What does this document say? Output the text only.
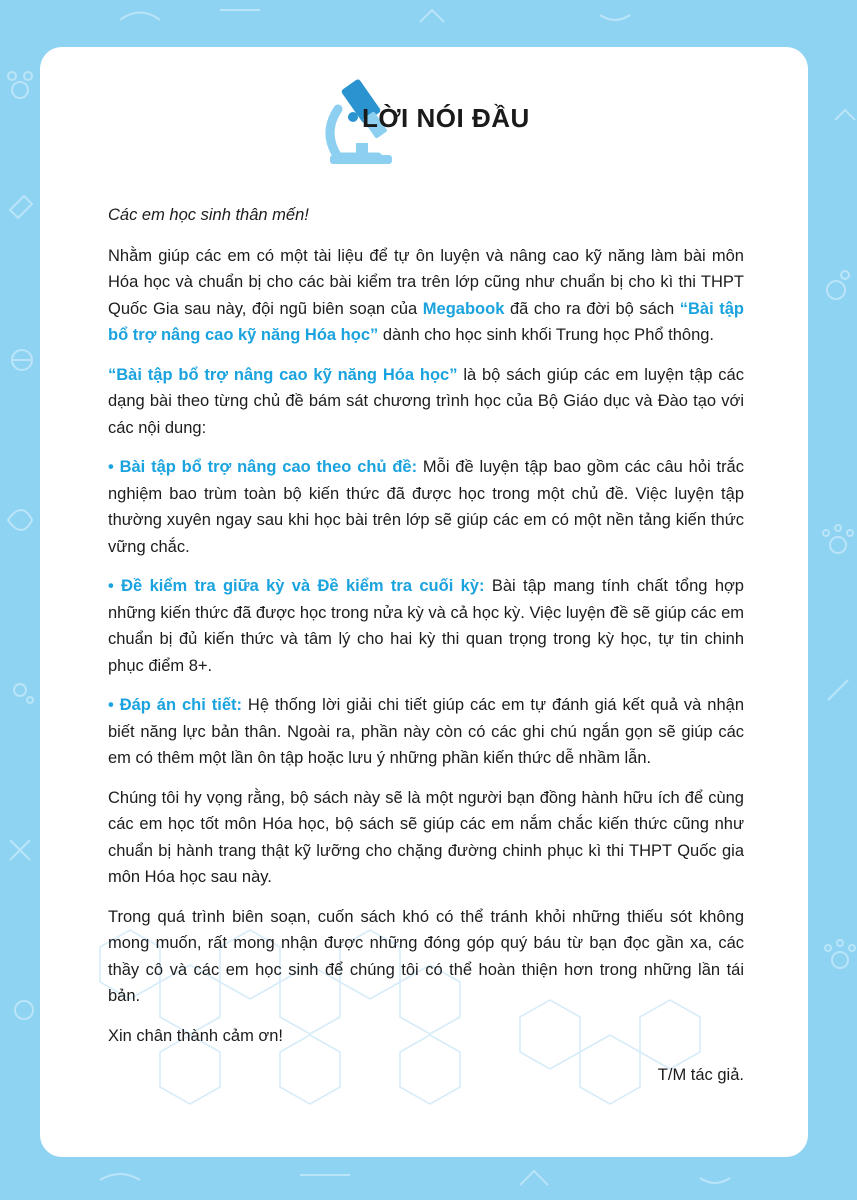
LỜI NÓI ĐẦU

Các em học sinh thân mến!

Nhằm giúp các em có một tài liệu để tự ôn luyện và nâng cao kỹ năng làm bài môn Hóa học và chuẩn bị cho các bài kiểm tra trên lớp cũng như chuẩn bị cho kì thi THPT Quốc Gia sau này, đội ngũ biên soạn của Megabook đã cho ra đời bộ sách “Bài tập bổ trợ nâng cao kỹ năng Hóa học” dành cho học sinh khối Trung học Phổ thông.

“Bài tập bổ trợ nâng cao kỹ năng Hóa học” là bộ sách giúp các em luyện tập các dạng bài theo từng chủ đề bám sát chương trình học của Bộ Giáo dục và Đào tạo với các nội dung:

• Bài tập bổ trợ nâng cao theo chủ đề: Mỗi đề luyện tập bao gồm các câu hỏi trắc nghiệm bao trùm toàn bộ kiến thức đã được học trong một chủ đề. Việc luyện tập thường xuyên ngay sau khi học bài trên lớp sẽ giúp các em có một nền tảng kiến thức vững chắc.

• Đề kiểm tra giữa kỳ và Đề kiểm tra cuối kỳ: Bài tập mang tính chất tổng hợp những kiến thức đã được học trong nửa kỳ và cả học kỳ. Việc luyện đề sẽ giúp các em chuẩn bị đủ kiến thức và tâm lý cho hai kỳ thi quan trọng trong kỳ học, tự tin chinh phục điểm 8+.

• Đáp án chi tiết: Hệ thống lời giải chi tiết giúp các em tự đánh giá kết quả và nhận biết năng lực bản thân. Ngoài ra, phần này còn có các ghi chú ngắn gọn sẽ giúp các em có thêm một lần ôn tập hoặc lưu ý những phần kiến thức dễ nhầm lẫn.

Chúng tôi hy vọng rằng, bộ sách này sẽ là một người bạn đồng hành hữu ích để cùng các em học tốt môn Hóa học, bộ sách sẽ giúp các em nắm chắc kiến thức cũng như chuẩn bị hành trang thật kỹ lưỡng cho chặng đường chinh phục kì thi THPT Quốc gia môn Hóa học sau này.

Trong quá trình biên soạn, cuốn sách khó có thể tránh khỏi những thiếu sót không mong muốn, rất mong nhận được những đóng góp quý báu từ bạn đọc gần xa, các thầy cô và các em học sinh để chúng tôi có thể hoàn thiện hơn trong những lần tái bản.

Xin chân thành cảm ơn!

T/M tác giả.
